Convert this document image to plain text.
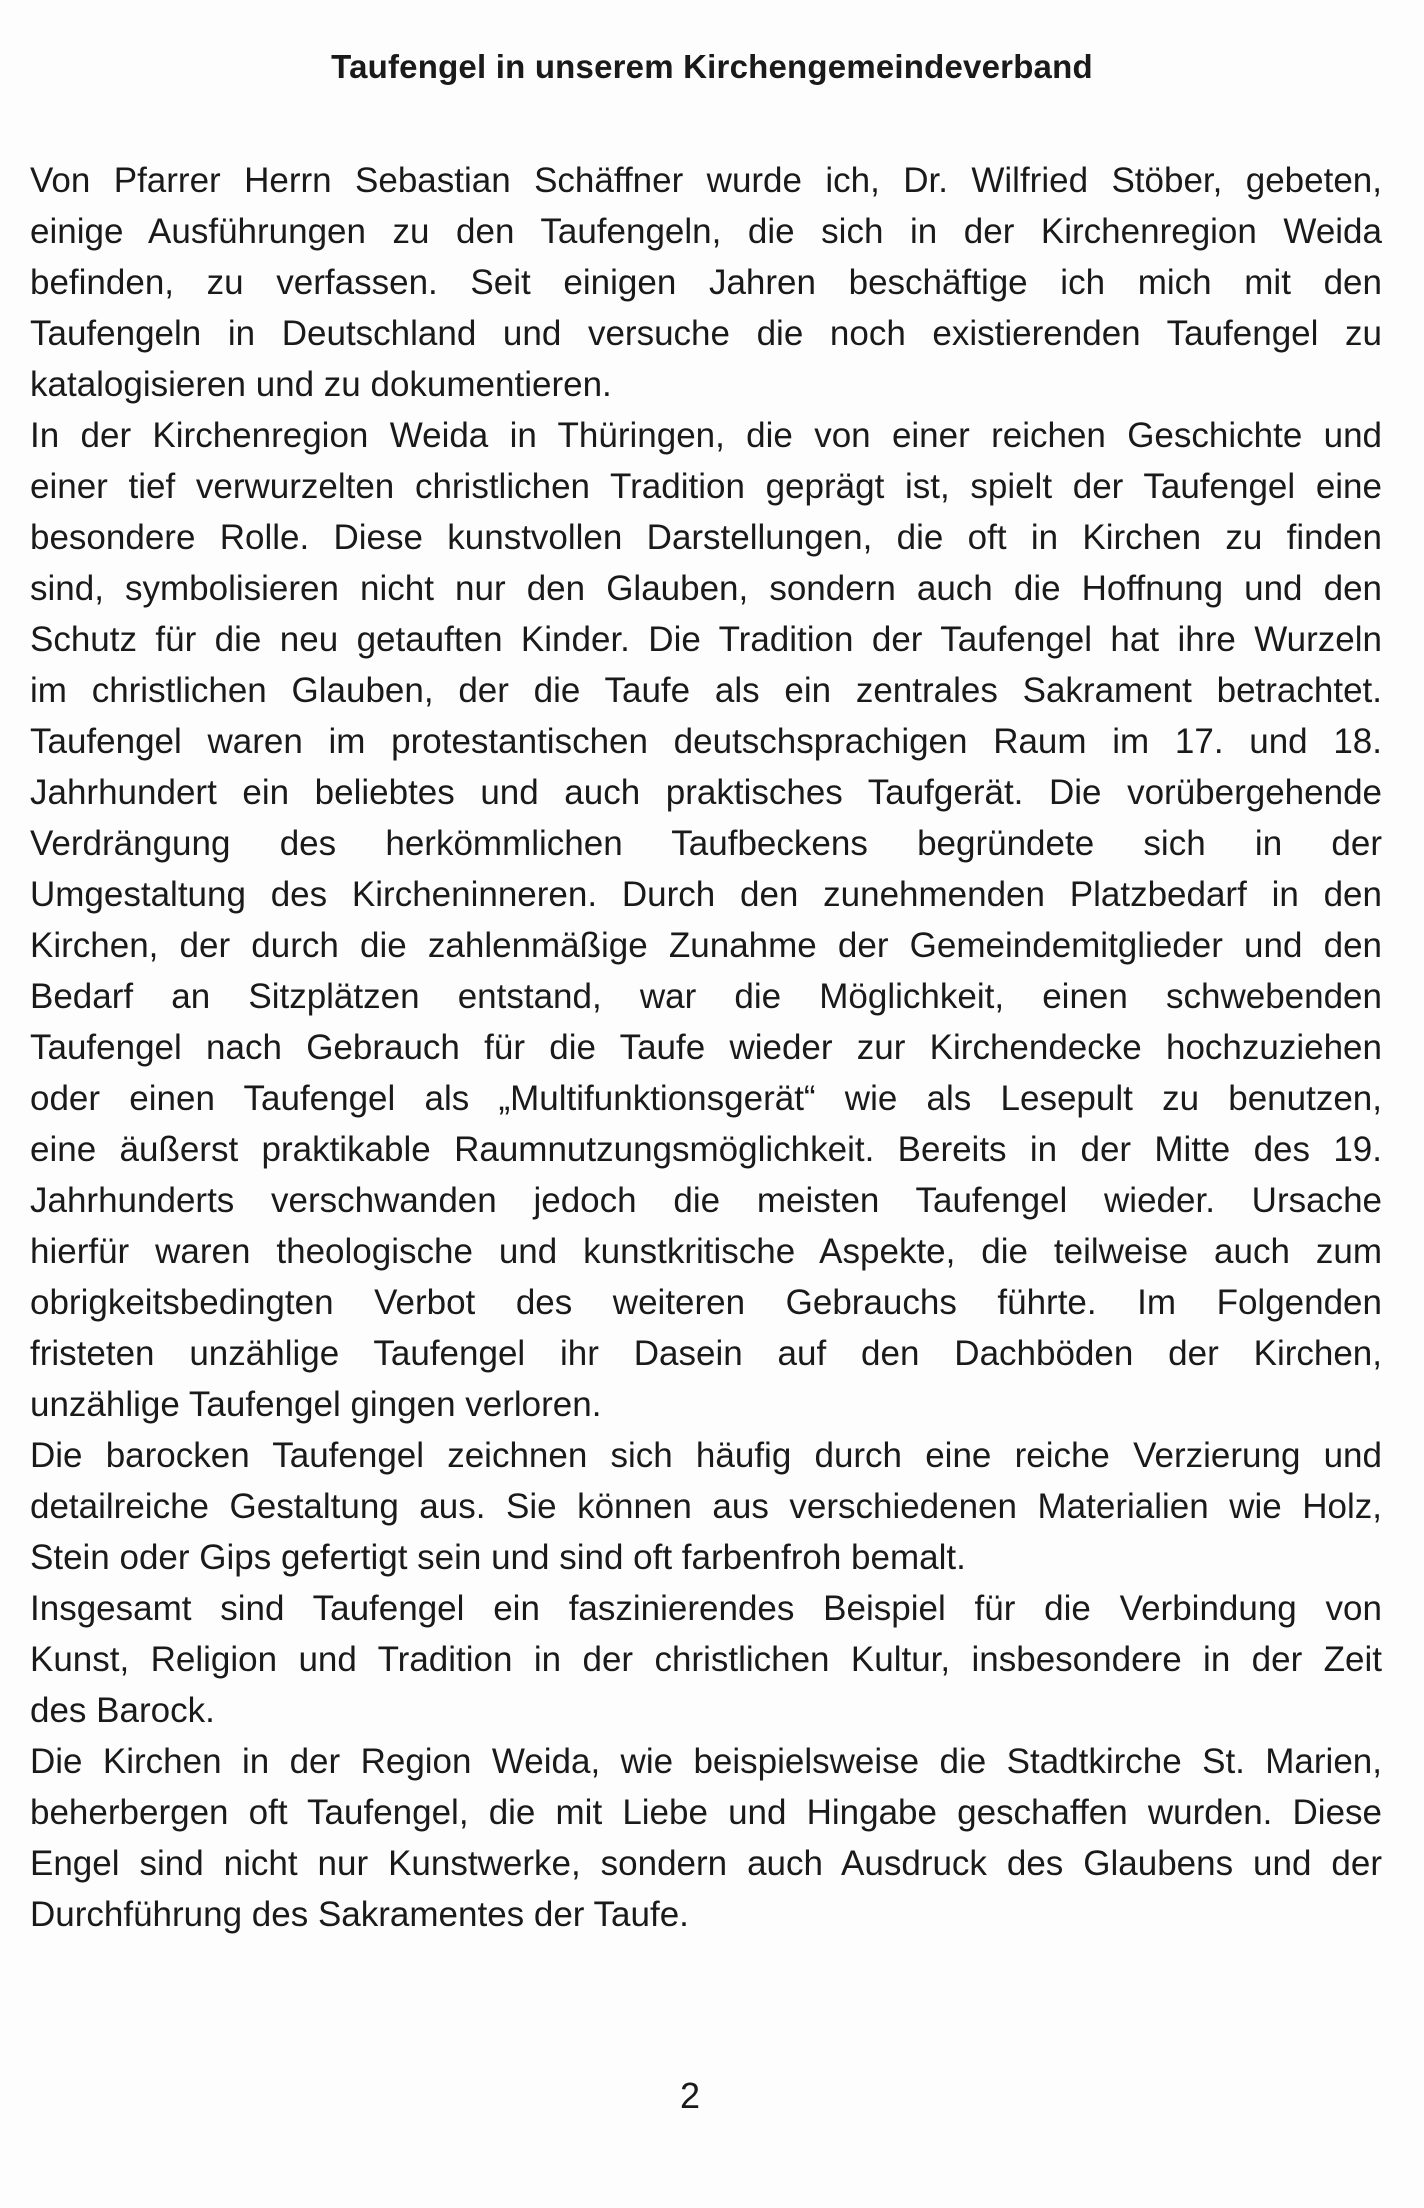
Taufengel in unserem Kirchengemeindeverband
Von Pfarrer Herrn Sebastian Schäffner wurde ich, Dr. Wilfried Stöber, gebeten,
einige Ausführungen zu den Taufengeln, die sich in der Kirchenregion Weida
befinden, zu verfassen. Seit einigen Jahren beschäftige ich mich mit den
Taufengeln in Deutschland und versuche die noch existierenden Taufengel zu
katalogisieren und zu dokumentieren.
In der Kirchenregion Weida in Thüringen, die von einer reichen Geschichte und
einer tief verwurzelten christlichen Tradition geprägt ist, spielt der Taufengel eine
besondere Rolle. Diese kunstvollen Darstellungen, die oft in Kirchen zu finden
sind, symbolisieren nicht nur den Glauben, sondern auch die Hoffnung und den
Schutz für die neu getauften Kinder. Die Tradition der Taufengel hat ihre Wurzeln
im christlichen Glauben, der die Taufe als ein zentrales Sakrament betrachtet.
Taufengel waren im protestantischen deutschsprachigen Raum im 17. und 18.
Jahrhundert ein beliebtes und auch praktisches Taufgerät. Die vorübergehende
Verdrängung des herkömmlichen Taufbeckens begründete sich in der
Umgestaltung des Kircheninneren. Durch den zunehmenden Platzbedarf in den
Kirchen, der durch die zahlenmäßige Zunahme der Gemeindemitglieder und den
Bedarf an Sitzplätzen entstand, war die Möglichkeit, einen schwebenden
Taufengel nach Gebrauch für die Taufe wieder zur Kirchendecke hochzuziehen
oder einen Taufengel als „Multifunktionsgerät“ wie als Lesepult zu benutzen,
eine äußerst praktikable Raumnutzungsmöglichkeit. Bereits in der Mitte des 19.
Jahrhunderts verschwanden jedoch die meisten Taufengel wieder. Ursache
hierfür waren theologische und kunstkritische Aspekte, die teilweise auch zum
obrigkeitsbedingten Verbot des weiteren Gebrauchs führte. Im Folgenden
fristeten unzählige Taufengel ihr Dasein auf den Dachböden der Kirchen,
unzählige Taufengel gingen verloren.
Die barocken Taufengel zeichnen sich häufig durch eine reiche Verzierung und
detailreiche Gestaltung aus. Sie können aus verschiedenen Materialien wie Holz,
Stein oder Gips gefertigt sein und sind oft farbenfroh bemalt.
Insgesamt sind Taufengel ein faszinierendes Beispiel für die Verbindung von
Kunst, Religion und Tradition in der christlichen Kultur, insbesondere in der Zeit
des Barock.
Die Kirchen in der Region Weida, wie beispielsweise die Stadtkirche St. Marien,
beherbergen oft Taufengel, die mit Liebe und Hingabe geschaffen wurden. Diese
Engel sind nicht nur Kunstwerke, sondern auch Ausdruck des Glaubens und der
Durchführung des Sakramentes der Taufe.
2
